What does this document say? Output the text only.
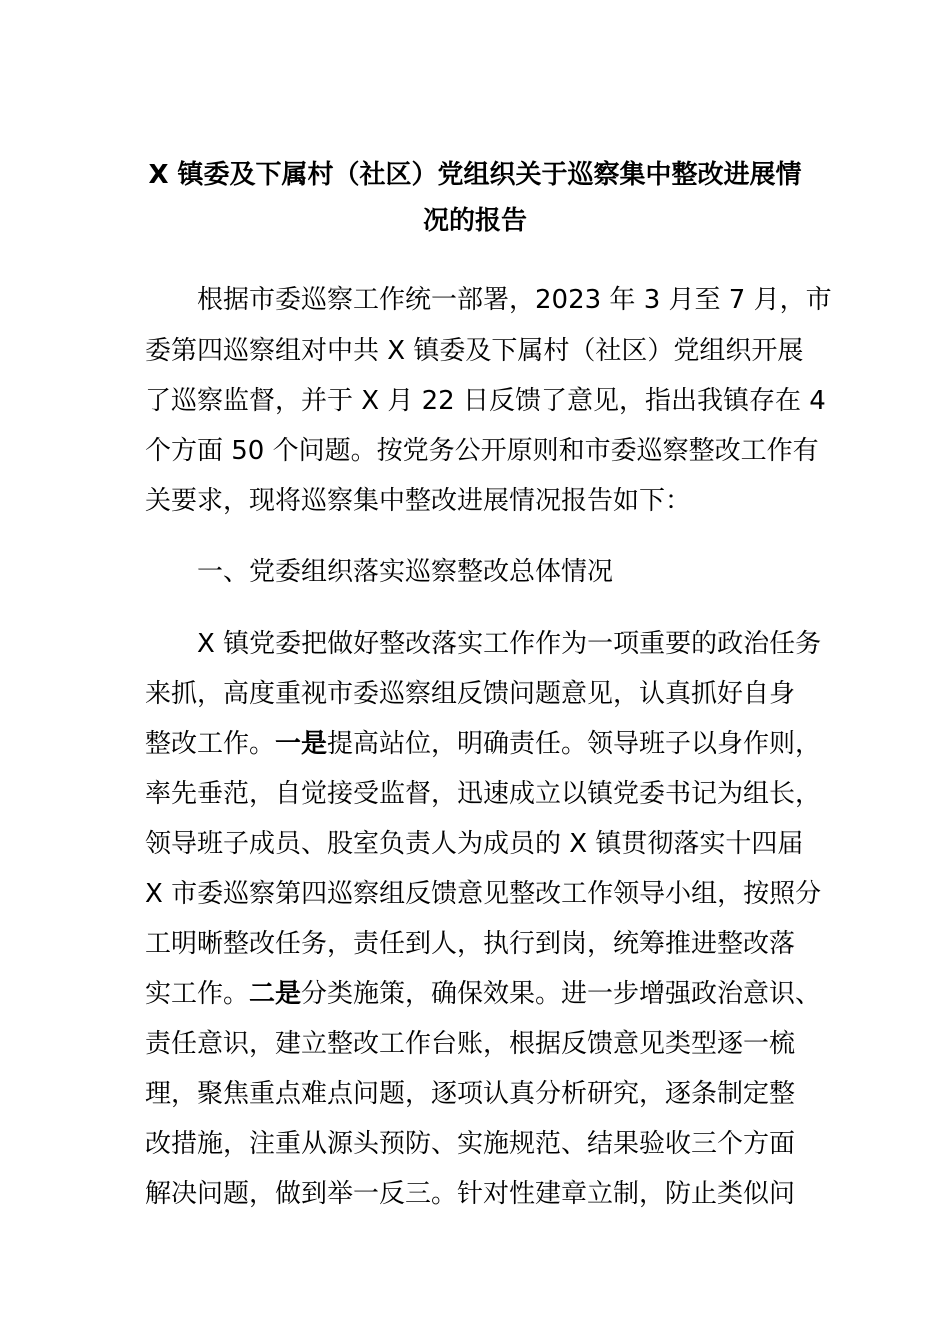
X 镇委及下属村（社区）党组织关于巡察集中整改进展情
况的报告
根据市委巡察工作统一部署，2023 年 3 月至 7 月，市
委第四巡察组对中共 X 镇委及下属村（社区）党组织开展
了巡察监督，并于 X 月 22 日反馈了意见，指出我镇存在 4
个方面 50 个问题。按党务公开原则和市委巡察整改工作有
关要求，现将巡察集中整改进展情况报告如下：
一、党委组织落实巡察整改总体情况
X 镇党委把做好整改落实工作作为一项重要的政治任务
来抓，高度重视市委巡察组反馈问题意见，认真抓好自身
整改工作。一是提高站位，明确责任。领导班子以身作则，
率先垂范，自觉接受监督，迅速成立以镇党委书记为组长，
领导班子成员、股室负责人为成员的 X 镇贯彻落实十四届
X 市委巡察第四巡察组反馈意见整改工作领导小组，按照分
工明晰整改任务，责任到人，执行到岗，统筹推进整改落
实工作。二是分类施策，确保效果。进一步增强政治意识、
责任意识，建立整改工作台账，根据反馈意见类型逐一梳
理，聚焦重点难点问题，逐项认真分析研究，逐条制定整
改措施，注重从源头预防、实施规范、结果验收三个方面
解决问题，做到举一反三。针对性建章立制，防止类似问
